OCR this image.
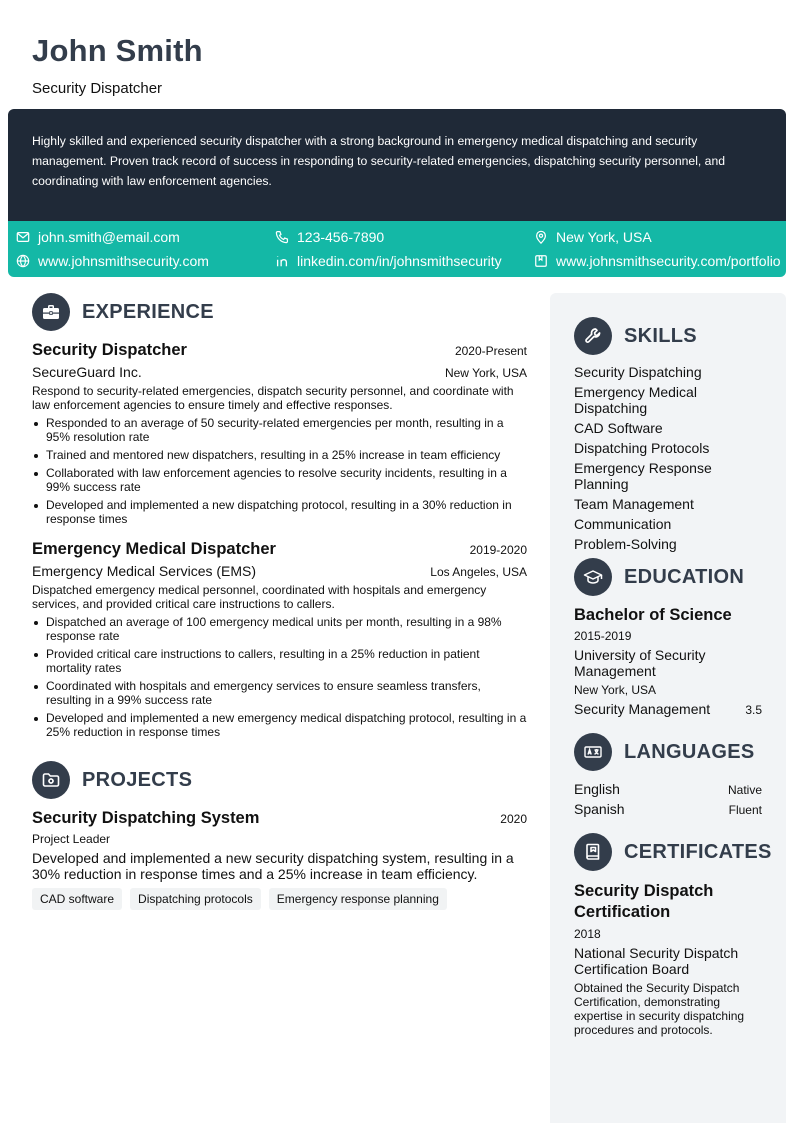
John Smith
Security Dispatcher
Highly skilled and experienced security dispatcher with a strong background in emergency medical dispatching and security management. Proven track record of success in responding to security-related emergencies, dispatching security personnel, and coordinating with law enforcement agencies.
john.smith@email.com	123-456-7890	New York, USA
www.johnsmithsecurity.com	linkedin.com/in/johnsmithsecurity	www.johnsmithsecurity.com/portfolio
EXPERIENCE
Security Dispatcher	2020-Present
SecureGuard Inc.	New York, USA
Respond to security-related emergencies, dispatch security personnel, and coordinate with law enforcement agencies to ensure timely and effective responses.
Responded to an average of 50 security-related emergencies per month, resulting in a 95% resolution rate
Trained and mentored new dispatchers, resulting in a 25% increase in team efficiency
Collaborated with law enforcement agencies to resolve security incidents, resulting in a 99% success rate
Developed and implemented a new dispatching protocol, resulting in a 30% reduction in response times
Emergency Medical Dispatcher	2019-2020
Emergency Medical Services (EMS)	Los Angeles, USA
Dispatched emergency medical personnel, coordinated with hospitals and emergency services, and provided critical care instructions to callers.
Dispatched an average of 100 emergency medical units per month, resulting in a 98% response rate
Provided critical care instructions to callers, resulting in a 25% reduction in patient mortality rates
Coordinated with hospitals and emergency services to ensure seamless transfers, resulting in a 99% success rate
Developed and implemented a new emergency medical dispatching protocol, resulting in a 25% reduction in response times
PROJECTS
Security Dispatching System	2020
Project Leader
Developed and implemented a new security dispatching system, resulting in a 30% reduction in response times and a 25% increase in team efficiency.
CAD software	Dispatching protocols	Emergency response planning
SKILLS
Security Dispatching
Emergency Medical Dispatching
CAD Software
Dispatching Protocols
Emergency Response Planning
Team Management
Communication
Problem-Solving
EDUCATION
Bachelor of Science
2015-2019
University of Security Management
New York, USA
Security Management	3.5
LANGUAGES
English	Native
Spanish	Fluent
CERTIFICATES
Security Dispatch Certification
2018
National Security Dispatch Certification Board
Obtained the Security Dispatch Certification, demonstrating expertise in security dispatching procedures and protocols.
